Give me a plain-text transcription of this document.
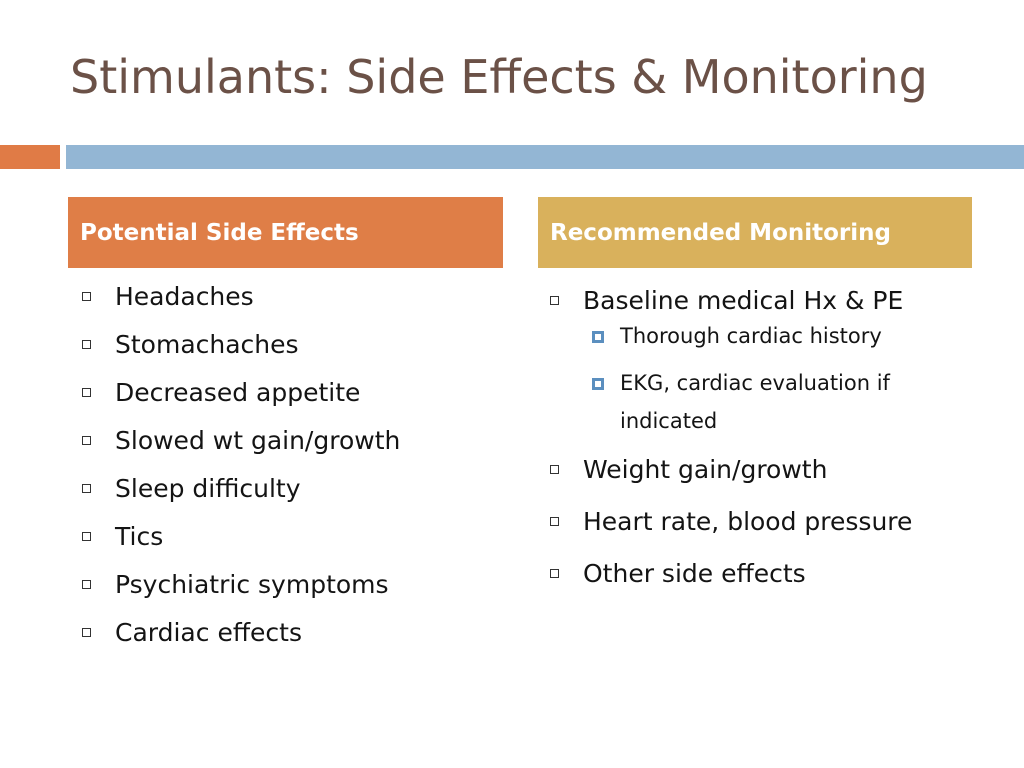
Stimulants: Side Effects & Monitoring
Potential Side Effects	Recommended Monitoring
Headaches
Stomachaches
Decreased appetite
Slowed wt gain/growth
Sleep difficulty
Tics
Psychiatric symptoms
Cardiac effects
Baseline medical Hx & PE
Thorough cardiac history
EKG, cardiac evaluation if indicated
Weight gain/growth
Heart rate, blood pressure
Other side effects
